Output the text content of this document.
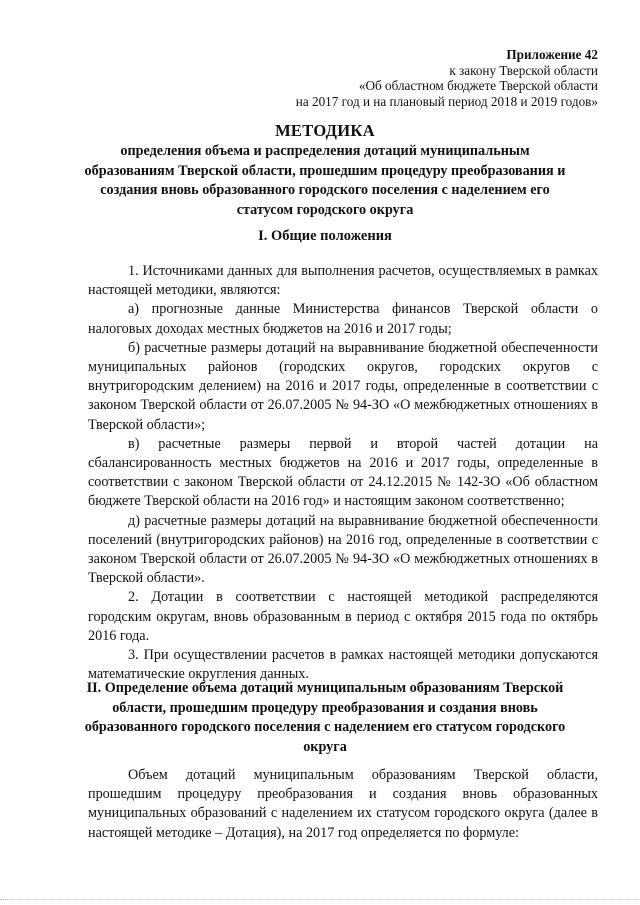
Приложение 42
к закону Тверской области
«Об областном бюджете Тверской области
на 2017 год и на плановый период 2018 и 2019 годов»
МЕТОДИКА
определения объема и распределения дотаций муниципальным образованиям Тверской области, прошедшим процедуру преобразования и создания вновь образованного городского поселения с наделением его статусом городского округа
I. Общие положения

1. Источниками данных для выполнения расчетов, осуществляемых в рамках настоящей методики, являются:

а) прогнозные данные Министерства финансов Тверской области о налоговых доходах местных бюджетов на 2016 и 2017 годы;

б) расчетные размеры дотаций на выравнивание бюджетной обеспеченности муниципальных районов (городских округов, городских округов с внутригородским делением) на 2016 и 2017 годы, определенные в соответствии с законом Тверской области от 26.07.2005 № 94-ЗО «О межбюджетных отношениях в Тверской области»;

в) расчетные размеры первой и второй частей дотации на сбалансированность местных бюджетов на 2016 и 2017 годы, определенные в соответствии с законом Тверской области от 24.12.2015 № 142-ЗО «Об областном бюджете Тверской области на 2016 год» и настоящим законом соответственно;

д) расчетные размеры дотаций на выравнивание бюджетной обеспеченности поселений (внутригородских районов) на 2016 год, определенные в соответствии с законом Тверской области от 26.07.2005 № 94-ЗО «О межбюджетных отношениях в Тверской области».

2. Дотации в соответствии с настоящей методикой распределяются городским округам, вновь образованным в период с октября 2015 года по октябрь 2016 года.

3. При осуществлении расчетов в рамках настоящей методики допускаются математические округления данных.

II. Определение объема дотаций муниципальным образованиям Тверской области, прошедшим процедуру преобразования и создания вновь образованного городского поселения с наделением его статусом городского округа

Объем дотаций муниципальным образованиям Тверской области, прошедшим процедуру преобразования и создания вновь образованных муниципальных образований с наделением их статусом городского округа (далее в настоящей методике – Дотация), на 2017 год определяется по формуле:
